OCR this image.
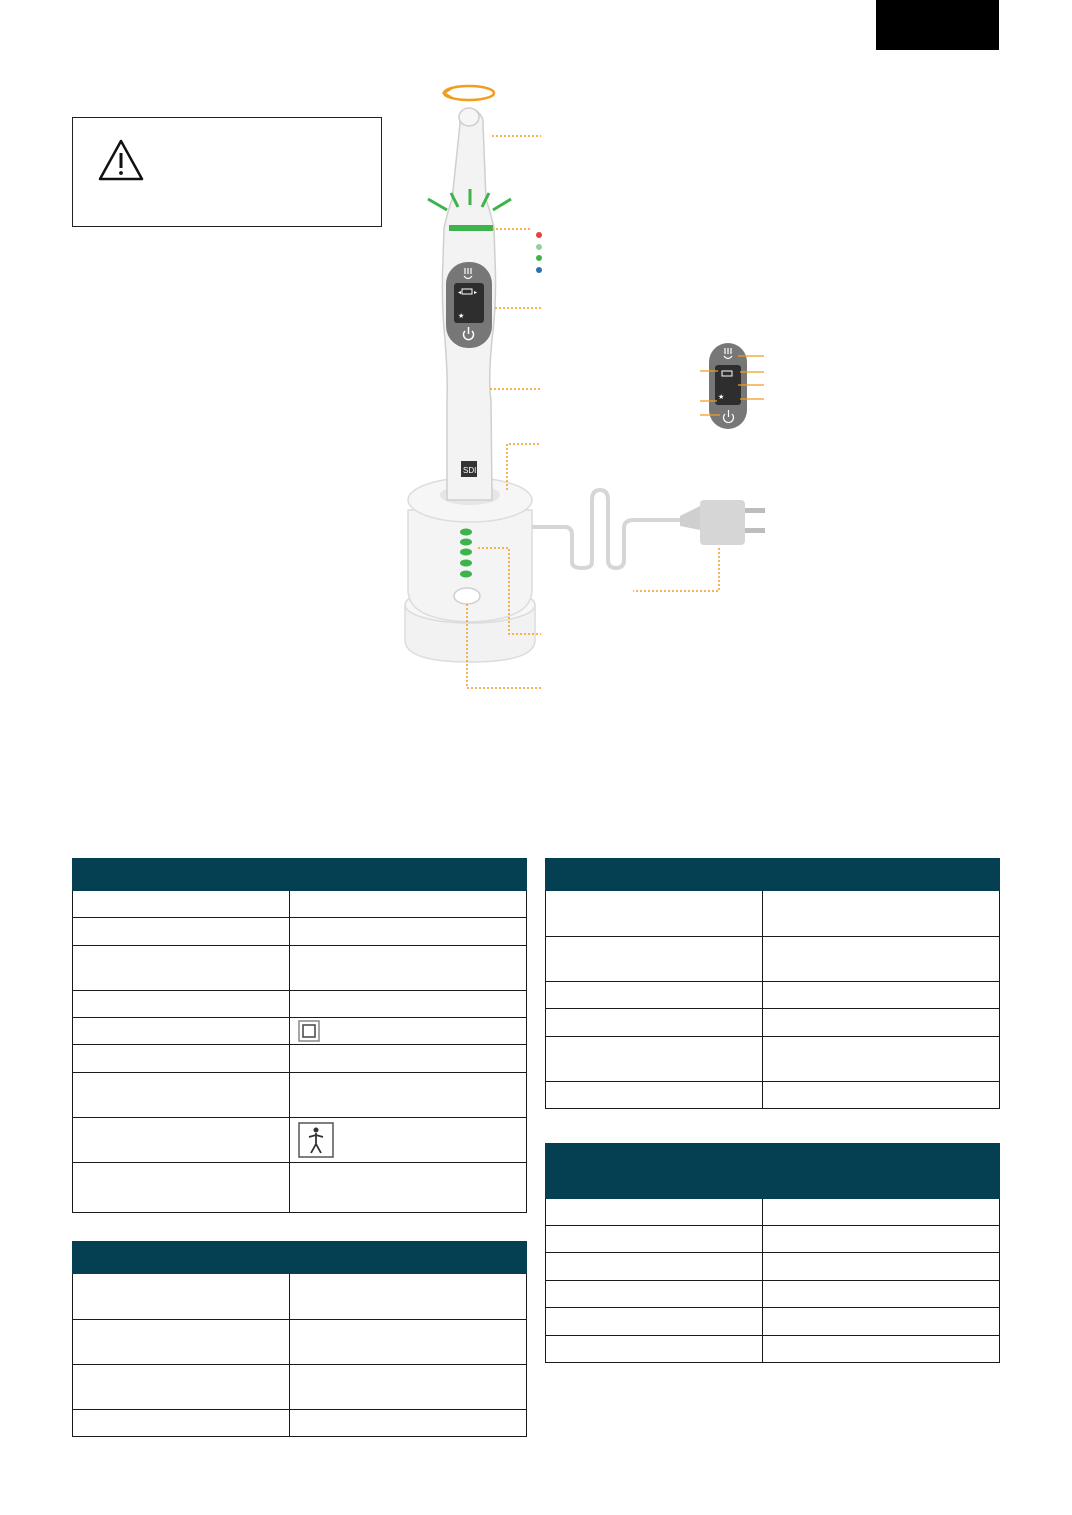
◂ ▸
★
SDI
★
